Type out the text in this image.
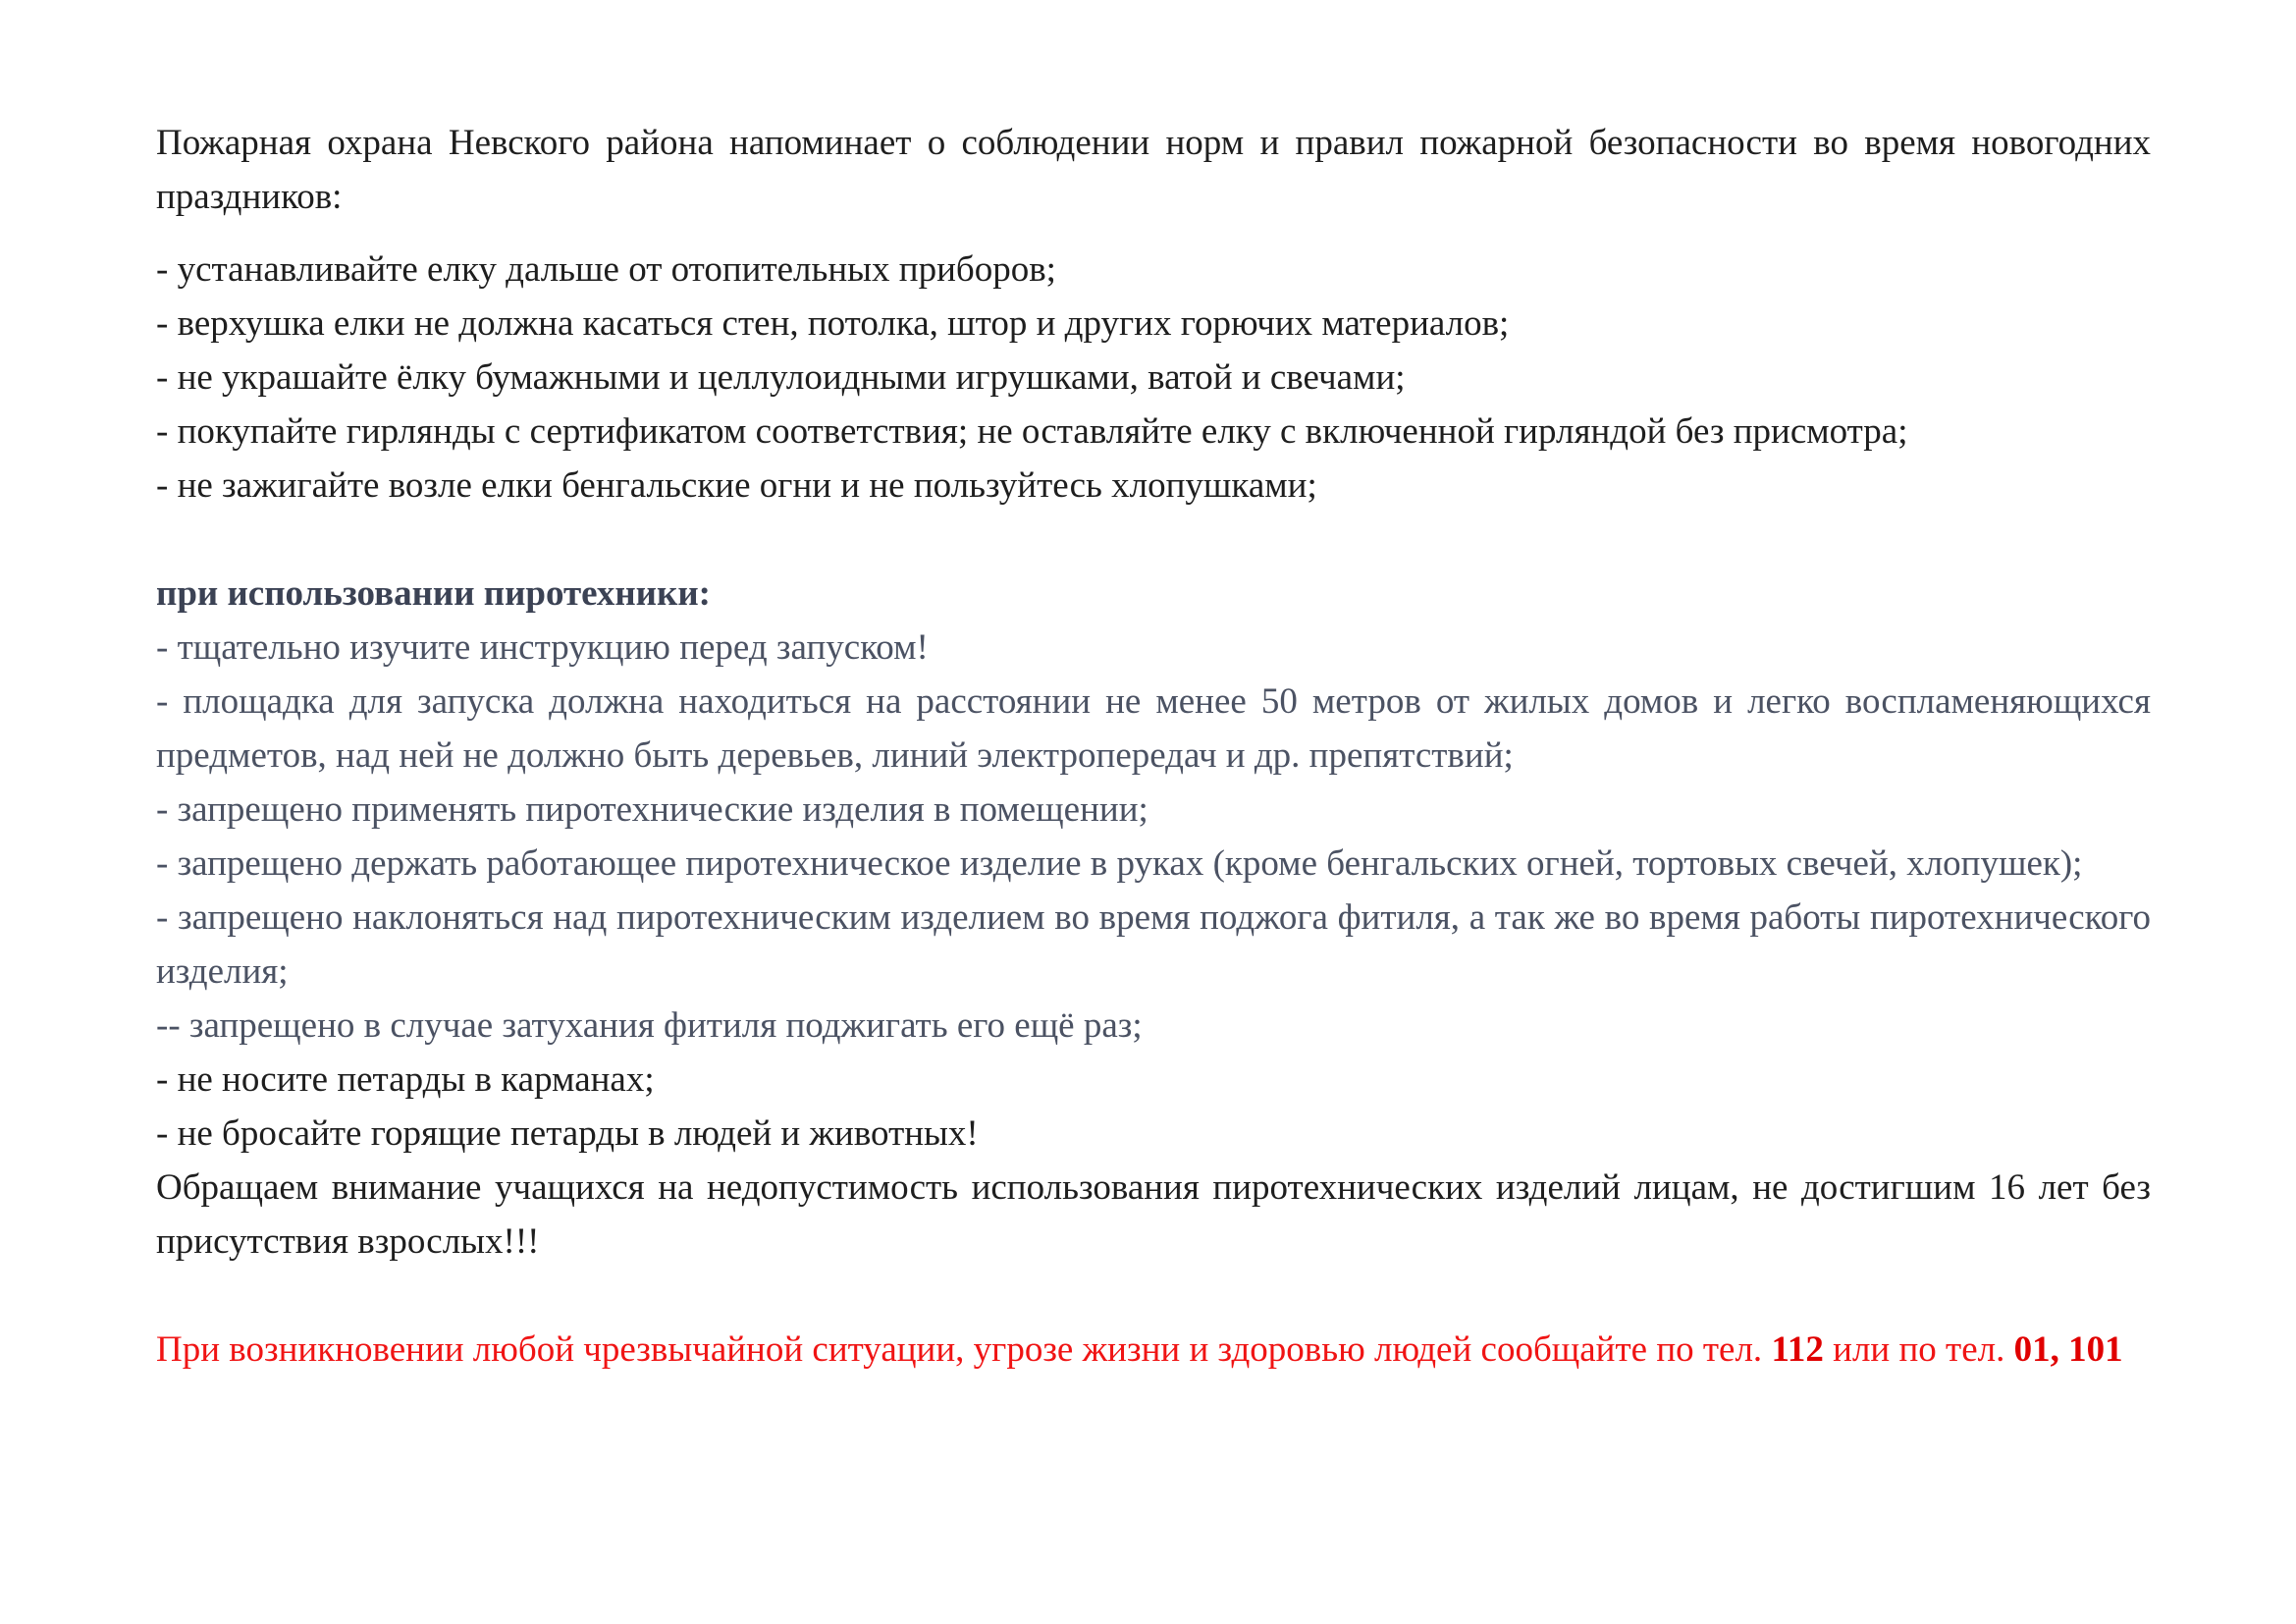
Пожарная охрана Невского района напоминает о соблюдении норм и правил пожарной безопасности во время новогодних праздников:

- устанавливайте елку дальше от отопительных приборов;

- верхушка елки не должна касаться стен, потолка, штор и других горючих материалов;

- не украшайте ёлку бумажными и целлулоидными игрушками, ватой и свечами;

- покупайте гирлянды с сертификатом соответствия; не оставляйте елку с включенной гирляндой без присмотра;

- не зажигайте возле елки бенгальские огни и не пользуйтесь хлопушками;

при использовании пиротехники:

- тщательно изучите инструкцию перед запуском!

- площадка для запуска должна находиться на расстоянии не менее 50 метров от жилых домов и легко воспламеняющихся предметов, над ней не должно быть деревьев, линий электропередач и др. препятствий;

- запрещено применять пиротехнические изделия в помещении;

- запрещено держать работающее пиротехническое изделие в руках (кроме бенгальских огней, тортовых свечей, хлопушек);

- запрещено наклоняться над пиротехническим изделием во время поджога фитиля, а так же во время работы пиротехнического изделия;

-- запрещено в случае затухания фитиля поджигать его ещё раз;

- не носите петарды в карманах;

- не бросайте горящие петарды в людей и животных!

Обращаем внимание учащихся на недопустимость использования пиротехнических изделий лицам, не достигшим 16 лет без присутствия взрослых!!!

При возникновении любой чрезвычайной ситуации, угрозе жизни и здоровью людей сообщайте по тел. 112 или по тел. 01, 101
